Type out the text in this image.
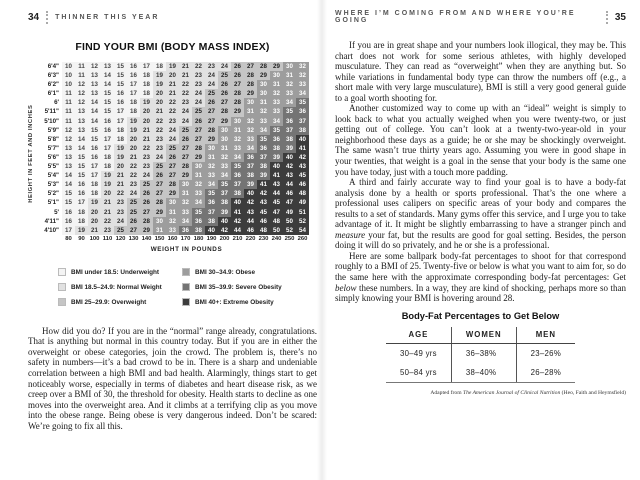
34 THINNER THIS YEAR
FIND YOUR BMI (BODY MASS INDEX)
HEIGHT IN FEET AND INCHES
6'4"	10	11	12	13	15	16	17	18	19	21	22	23	24	26	27	28	29	30	32
6'3"	10	11	13	14	15	16	18	19	20	21	23	24	25	26	28	29	30	31	32
6'2"	10	12	13	14	15	17	18	19	21	22	23	24	26	27	28	30	31	32	33
6'1"	11	12	13	15	16	17	18	20	21	22	24	25	26	28	29	30	32	33	34
6'	11	12	14	15	16	18	19	20	22	23	24	26	27	28	30	31	33	34	35
5'11"	11	13	14	15	17	18	20	21	22	24	25	27	28	29	31	32	33	35	36
5'10"	11	13	14	16	17	19	20	22	23	24	26	27	29	30	32	33	34	36	37
5'9"	12	13	15	16	18	19	21	22	24	25	27	28	30	31	32	34	35	37	38
5'8"	12	14	15	17	18	20	21	23	24	26	27	29	30	32	33	35	36	38	40
5'7"	13	14	16	17	19	20	22	23	25	27	28	30	31	33	34	36	38	39	41
5'6"	13	15	16	18	19	21	23	24	26	27	29	31	32	34	36	37	39	40	42
5'5"	13	15	17	18	20	22	23	25	27	28	30	32	33	35	37	38	40	42	43
5'4"	14	15	17	19	21	22	24	26	27	29	31	33	34	36	38	39	41	43	45
5'3"	14	16	18	19	21	23	25	27	28	30	32	34	35	37	39	41	43	44	46
5'2"	15	16	18	20	22	24	26	27	29	31	33	35	37	38	40	42	44	46	48
5'1"	15	17	19	21	23	25	26	28	30	32	34	36	38	40	42	43	45	47	49
5'	16	18	20	21	23	25	27	29	31	33	35	37	39	41	43	45	47	49	51
4'11"	16	18	20	22	24	26	28	30	32	34	36	38	40	42	44	46	48	50	52
4'10"	17	19	21	23	25	27	29	31	33	36	38	40	42	44	46	48	50	52	54
	80	90	100	110	120	130	140	150	160	170	180	190	200	210	220	230	240	250	260
WEIGHT IN POUNDS
BMI under 18.5: Underweight
BMI 18.5–24.9: Normal Weight
BMI 25–29.9: Overweight
BMI 30–34.9: Obese
BMI 35–39.9: Severe Obesity
BMI 40+: Extreme Obesity

How did you do? If you are in the “normal” range already, congratulations. That is anything but normal in this country today. But if you are in either the overweight or obese categories, join the crowd. The problem is, there’s no safety in numbers—it’s a bad crowd to be in. There is a sharp and undeniable correlation between a high BMI and bad health. Alarmingly, things start to get noticeably worse, especially in terms of diabetes and heart disease risk, as we creep over a BMI of 30, the threshold for obesity. Health starts to decline as one moves into the overweight area. And it climbs at a terrifying clip as you move into the obese range. Being obese is very dangerous indeed. Don’t be scared: We’re going to fix all this.

WHERE I’M COMING FROM AND WHERE YOU’RE GOING	35

If you are in great shape and your numbers look illogical, they may be. This chart does not work for some serious athletes, with highly developed musculature. They can read as “overweight” when they are anything but. So while variations in fundamental body type can throw the numbers off (e.g., a short male with very large musculature), BMI is still a very good general guide to a goal worth shooting for.

Another customized way to come up with an “ideal” weight is simply to look back to what you actually weighed when you were twenty-two, or just getting out of college. You can’t look at a twenty-two-year-old in your neighborhood these days as a guide; he or she may be shockingly overweight. The same wasn’t true thirty years ago. Assuming you were in good shape in your twenties, that weight is a goal in the sense that your body is the same one you have today, just with a touch more padding.

A third and fairly accurate way to find your goal is to have a body-fat analysis done by a health or sports professional. That’s the one where a professional uses calipers on specific areas of your body and compares the results to a set of standards. Many gyms offer this service, and I urge you to take advantage of it. It might be slightly embarrassing to have a stranger pinch and measure your fat, but the results are good for goal setting. Besides, the person doing it will do so privately, and he or she is a professional.

Here are some ballpark body-fat percentages to shoot for that correspond roughly to a BMI of 25. Twenty-five or below is what you want to aim for, so do the same here with the approximate corresponding body-fat percentages: Get below these numbers. In a way, they are kind of shocking, perhaps more so than simply knowing your BMI is hovering around 28.

Body-Fat Percentages to Get Below
AGE	WOMEN	MEN
30–49 yrs	36–38%	23–26%
50–84 yrs	38–40%	26–28%
Adapted from The American Journal of Clinical Nutrition (Heo, Faith and Heymsfield)
